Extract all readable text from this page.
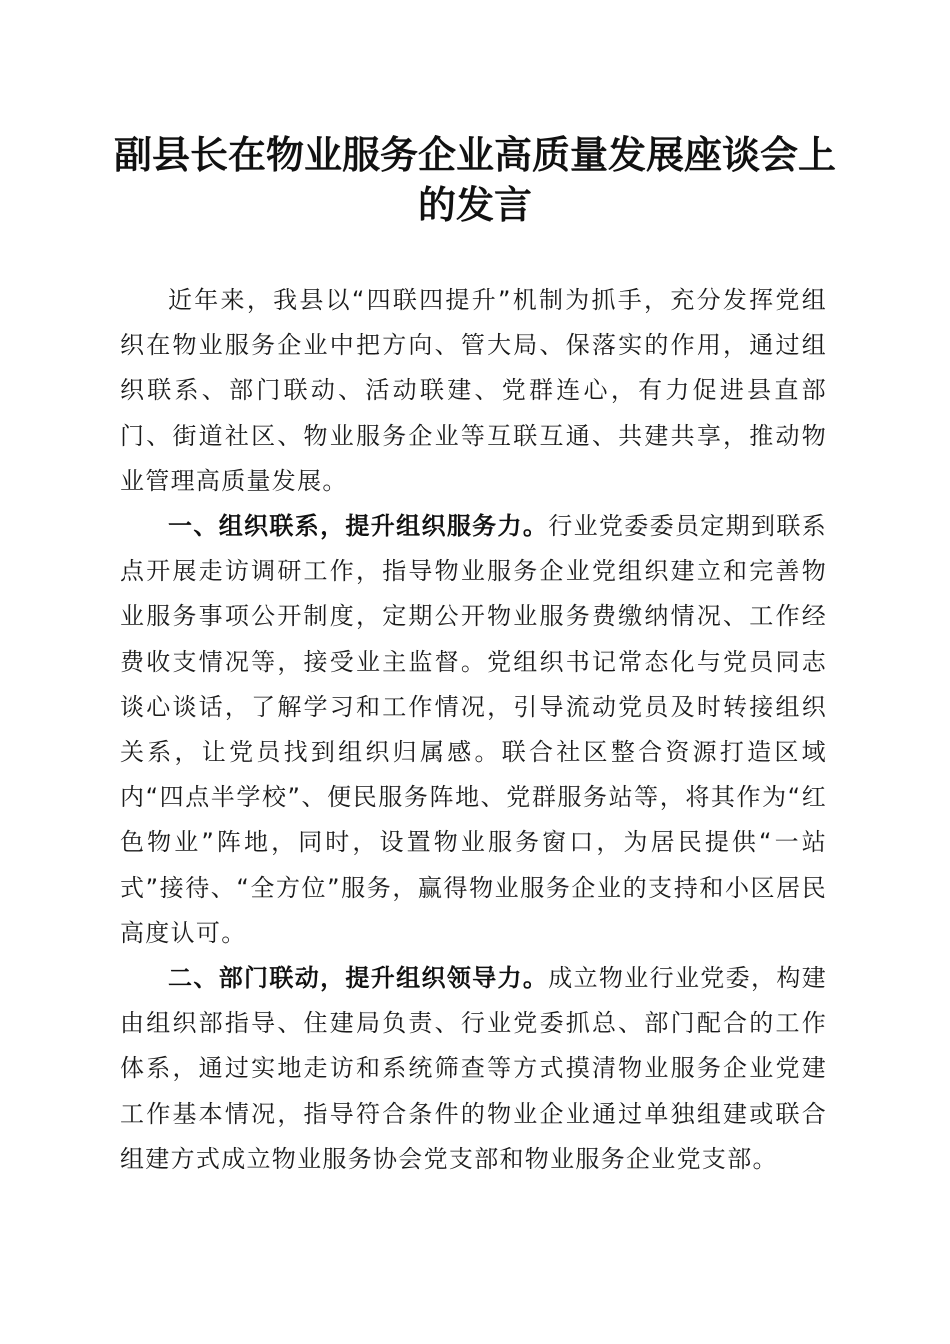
副县长在物业服务企业高质量发展座谈会上的发言

近年来，我县以“四联四提升”机制为抓手，充分发挥党组织在物业服务企业中把方向、管大局、保落实的作用，通过组织联系、部门联动、活动联建、党群连心，有力促进县直部门、街道社区、物业服务企业等互联互通、共建共享，推动物业管理高质量发展。

一、组织联系，提升组织服务力。行业党委委员定期到联系点开展走访调研工作，指导物业服务企业党组织建立和完善物业服务事项公开制度，定期公开物业服务费缴纳情况、工作经费收支情况等，接受业主监督。党组织书记常态化与党员同志谈心谈话，了解学习和工作情况，引导流动党员及时转接组织关系，让党员找到组织归属感。联合社区整合资源打造区域内“四点半学校”、便民服务阵地、党群服务站等，将其作为“红色物业”阵地，同时，设置物业服务窗口，为居民提供“一站式”接待、“全方位”服务，赢得物业服务企业的支持和小区居民高度认可。

二、部门联动，提升组织领导力。成立物业行业党委，构建由组织部指导、住建局负责、行业党委抓总、部门配合的工作体系，通过实地走访和系统筛查等方式摸清物业服务企业党建工作基本情况，指导符合条件的物业企业通过单独组建或联合组建方式成立物业服务协会党支部和物业服务企业党支部。
